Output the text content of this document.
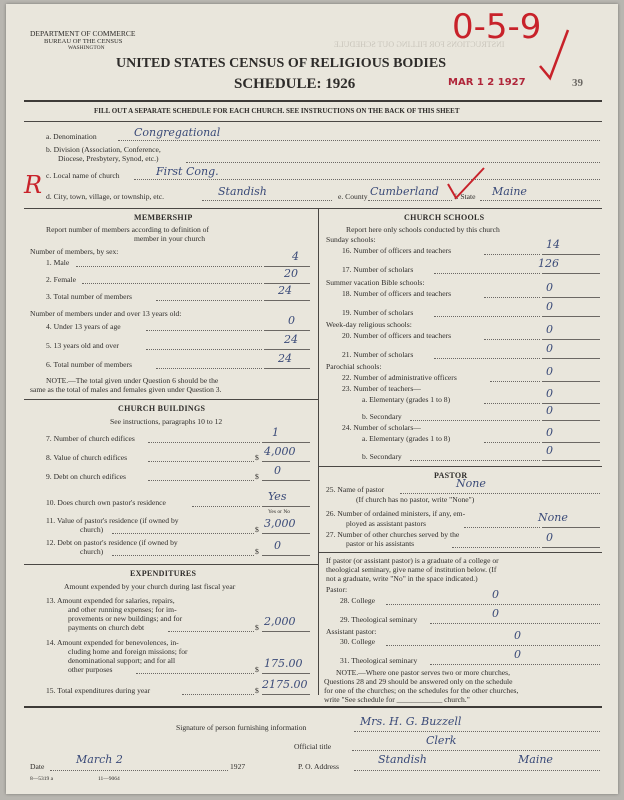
INSTRUCTIONS FOR FILLING OUT SCHEDULE
DEPARTMENT OF COMMERCE
BUREAU OF THE CENSUS
WASHINGTON
UNITED STATES CENSUS OF RELIGIOUS BODIES
SCHEDULE: 1926	MAR 1 2 1927
0-5-9
39
FILL OUT A SEPARATE SCHEDULE FOR EACH CHURCH. SEE INSTRUCTIONS ON THE BACK OF THIS SHEET
a. Denomination	Congregational
b. Division (Association, Conference,
Diocese, Presbytery, Synod, etc.)
c. Local name of church	First Cong.
d. City, town, village, or township, etc.	Standish	e. County Cumberland f. State Maine
R
MEMBERSHIP
Report number of members according to definition of
member in your church
Number of members, by sex:
1. Male	4
2. Female	20
3. Total number of members	24
Number of members under and over 13 years old:
4. Under 13 years of age	0
5. 13 years old and over	24
6. Total number of members	24
NOTE.—The total given under Question 6 should be the
same as the total of males and females given under Question 3.
CHURCH BUILDINGS
See instructions, paragraphs 10 to 12
7. Number of church edifices	1
8. Value of church edifices	$ 4,000
9. Debt on church edifices	$ 0
10. Does church own pastor's residence	Yes
Yes or No
11. Value of pastor's residence (if owned by
church)	$ 3,000
12. Debt on pastor's residence (if owned by
church)	$ 0
EXPENDITURES
Amount expended by your church during last fiscal year
13. Amount expended for salaries, repairs,
and other running expenses; for im-
provements or new buildings; and for
payments on church debt	$ 2,000
14. Amount expended for benevolences, in-
cluding home and foreign missions; for
denominational support; and for all
other purposes	$ 175.00
15. Total expenditures during year	$ 2175.00
CHURCH SCHOOLS
Report here only schools conducted by this church
Sunday schools:
16. Number of officers and teachers	14
17. Number of scholars	126
Summer vacation Bible schools:
18. Number of officers and teachers	0
19. Number of scholars	0
Week-day religious schools:
20. Number of officers and teachers	0
21. Number of scholars	0
Parochial schools:
22. Number of administrative officers	0
23. Number of teachers—
a. Elementary (grades 1 to 8)	0
b. Secondary	0
24. Number of scholars—
a. Elementary (grades 1 to 8)	0
b. Secondary	0
PASTOR
25. Name of pastor	None
(If church has no pastor, write "None")
26. Number of ordained ministers, if any, em-
ployed as assistant pastors	None
27. Number of other churches served by the
pastor or his assistants	0
If pastor (or assistant pastor) is a graduate of a college or
theological seminary, give name of institution below. (If
not a graduate, write "No" in the space indicated.)
Pastor:
28. College	0
29. Theological seminary	0
Assistant pastor:
30. College	0
31. Theological seminary	0
NOTE.—Where one pastor serves two or more churches,
Questions 28 and 29 should be answered only on the schedule
for one of the churches; on the schedules for the other churches,
write "See schedule for ____________ church."
Signature of person furnishing information	Mrs. H. G. Buzzell
Official title	Clerk
Date
March 2
1927	P. O. Address
Standish	Maine
8—5319 a	11—9064
